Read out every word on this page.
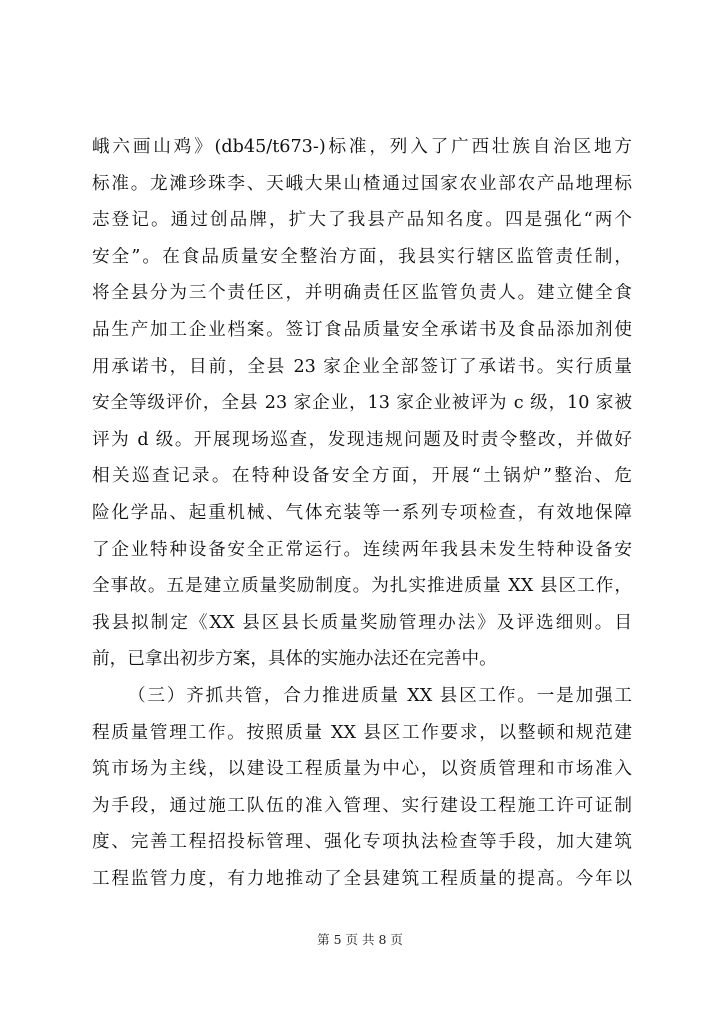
峨六画山鸡》(db45/t673-)标准，列入了广西壮族自治区地方
标准。龙滩珍珠李、天峨大果山楂通过国家农业部农产品地理标
志登记。通过创品牌，扩大了我县产品知名度。四是强化“两个
安全”。在食品质量安全整治方面，我县实行辖区监管责任制，
将全县分为三个责任区，并明确责任区监管负责人。建立健全食
品生产加工企业档案。签订食品质量安全承诺书及食品添加剂使
用承诺书，目前，全县 23 家企业全部签订了承诺书。实行质量
安全等级评价，全县 23 家企业，13 家企业被评为 c 级，10 家被
评为 d 级。开展现场巡查，发现违规问题及时责令整改，并做好
相关巡查记录。在特种设备安全方面，开展“土锅炉”整治、危
险化学品、起重机械、气体充装等一系列专项检查，有效地保障
了企业特种设备安全正常运行。连续两年我县未发生特种设备安
全事故。五是建立质量奖励制度。为扎实推进质量 XX 县区工作，
我县拟制定《XX 县区县长质量奖励管理办法》及评选细则。目
前，已拿出初步方案，具体的实施办法还在完善中。
（三）齐抓共管，合力推进质量 XX 县区工作。一是加强工
程质量管理工作。按照质量 XX 县区工作要求，以整顿和规范建
筑市场为主线，以建设工程质量为中心，以资质管理和市场准入
为手段，通过施工队伍的准入管理、实行建设工程施工许可证制
度、完善工程招投标管理、强化专项执法检查等手段，加大建筑
工程监管力度，有力地推动了全县建筑工程质量的提高。今年以
第 5 页 共 8 页
